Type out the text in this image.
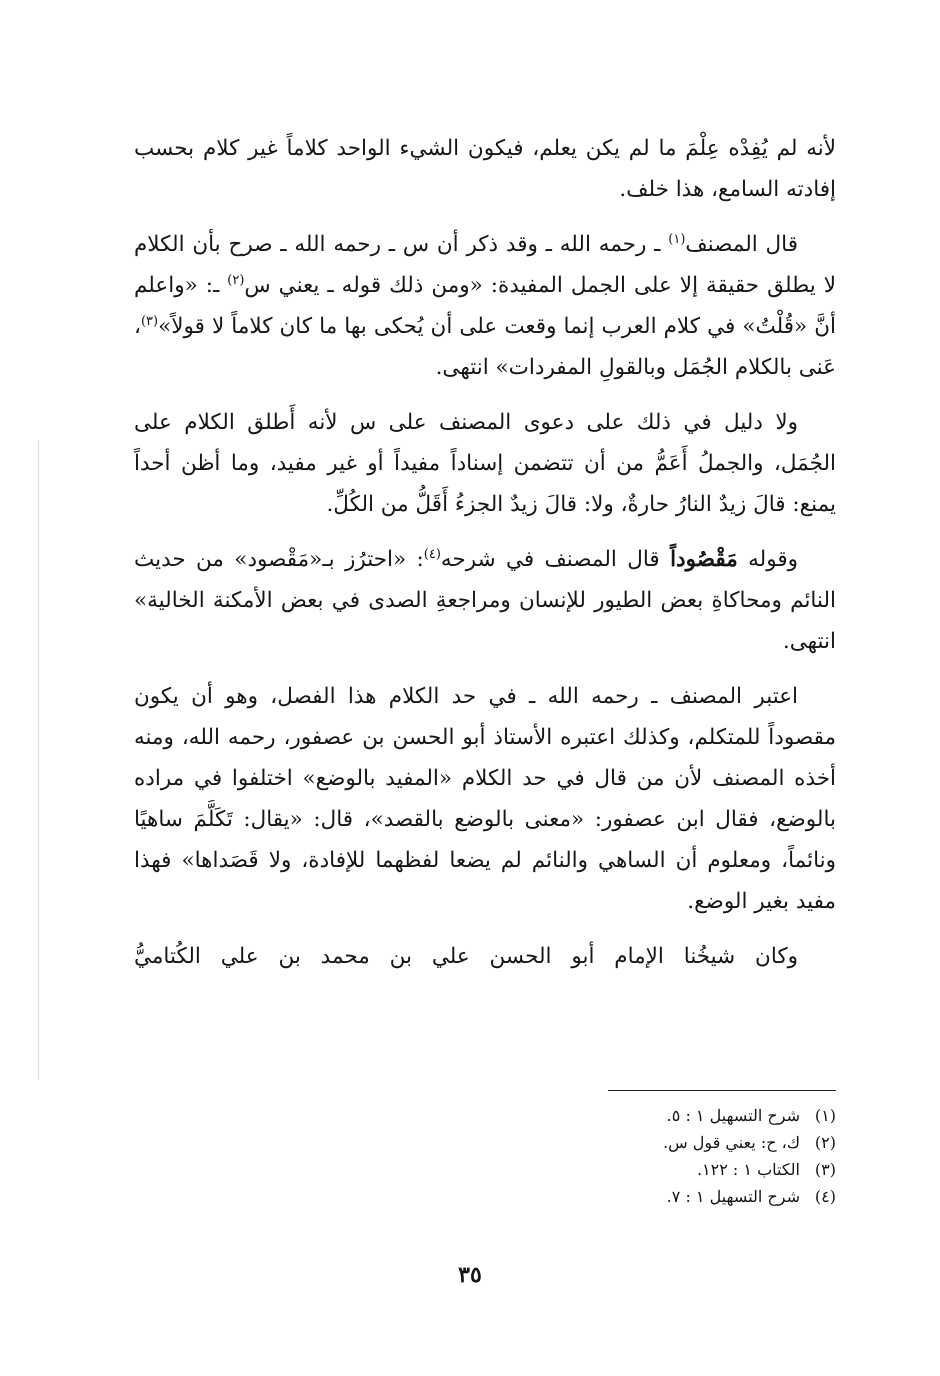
لأنه لم يُفِدْه عِلْمَ ما لم يكن يعلم، فيكون الشيء الواحد كلاماً غير كلام بحسب إفادته السامع، هذا خلف.

قال المصنف$^{(١)}$ ـ رحمه الله ـ وقد ذكر أن س ـ رحمه الله ـ صرح بأن الكلام لا يطلق حقيقة إلا على الجمل المفيدة: «ومن ذلك قوله ـ يعني س$^{(٢)}$ ـ: «واعلم أنَّ «قُلْتُ» في كلام العرب إنما وقعت على أن يُحكى بها ما كان كلاماً لا قولاً»$^{(٣)}$، عَنى بالكلام الجُمَل وبالقولِ المفردات» انتهى.

ولا دليل في ذلك على دعوى المصنف على س لأنه أَطلق الكلام على الجُمَل، والجملُ أَعَمُّ من أن تتضمن إسناداً مفيداً أو غير مفيد، وما أظن أحداً يمنع: قالَ زيدٌ النارُ حارةٌ، ولا: قالَ زيدٌ الجزءُ أَقَلُّ من الكُلِّ.

وقوله مَقْصُوداً قال المصنف في شرحه$^{(٤)}$: «احترُز بـ«مَقْصود» من حديث النائم ومحاكاةِ بعض الطيور للإنسان ومراجعةِ الصدى في بعض الأمكنة الخالية» انتهى.

اعتبر المصنف ـ رحمه الله ـ في حد الكلام هذا الفصل، وهو أن يكون مقصوداً للمتكلم، وكذلك اعتبره الأستاذ أبو الحسن بن عصفور، رحمه الله، ومنه أخذه المصنف لأن من قال في حد الكلام «المفيد بالوضع» اختلفوا في مراده بالوضع، فقال ابن عصفور: «معنى بالوضع بالقصد»، قال: «يقال: تَكَلَّمَ ساهيًا ونائماً، ومعلوم أن الساهي والنائم لم يضعا لفظهما للإفادة، ولا قَصَداها» فهذا مفيد بغير الوضع.

وكان شيخُنا الإمام أبو الحسن علي بن محمد بن علي الكُتاميُّ

(١)
شرح التسهيل ١ : ٥.
(٢)
ك، ح: يعني قول س.
(٣)
الكتاب ١ : ١٢٢.
(٤)
شرح التسهيل ١ : ٧.
٣٥
